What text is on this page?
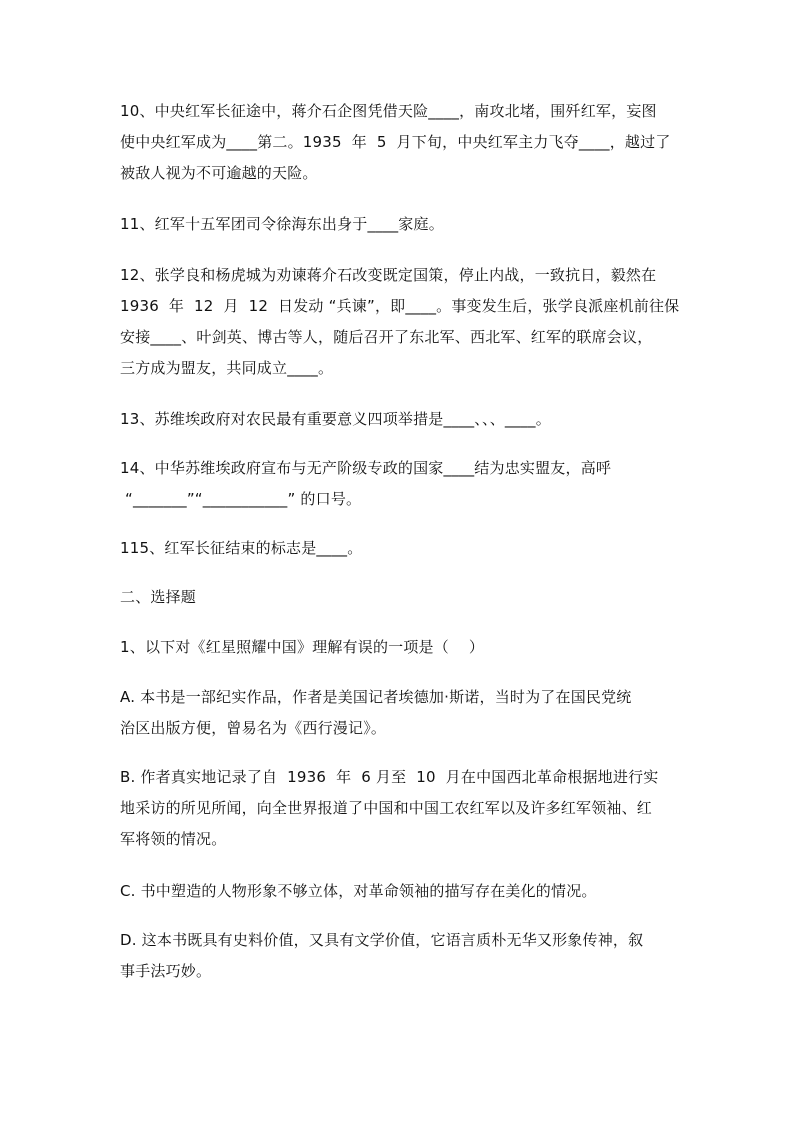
10、中央红军长征途中，蒋介石企图凭借天险____，南攻北堵，围歼红军，妄图
使中央红军成为____第二。1935  年  5  月下旬，中央红军主力飞夺____，越过了
被敌人视为不可逾越的天险。
11、红军十五军团司令徐海东出身于____家庭。
12、张学良和杨虎城为劝谏蒋介石改变既定国策，停止内战，一致抗日，毅然在
1936  年  12  月  12  日发动 “兵谏”，即____。事变发生后，张学良派座机前往保
安接____、叶剑英、博古等人，随后召开了东北军、西北军、红军的联席会议，
三方成为盟友，共同成立____。
13、苏维埃政府对农民最有重要意义四项举措是____、、、____。
14、中华苏维埃政府宣布与无产阶级专政的国家____结为忠实盟友，高呼
“_______”“___________” 的口号。
115、红军长征结束的标志是____。
二、选择题
1、以下对《红星照耀中国》理解有误的一项是（    ）
A. 本书是一部纪实作品，作者是美国记者埃德加·斯诺，当时为了在国民党统
治区出版方便，曾易名为《西行漫记》。
B. 作者真实地记录了自  1936  年  6 月至  10  月在中国西北革命根据地进行实
地采访的所见所闻，向全世界报道了中国和中国工农红军以及许多红军领袖、红
军将领的情况。
C. 书中塑造的人物形象不够立体，对革命领袖的描写存在美化的情况。
D. 这本书既具有史料价值，又具有文学价值，它语言质朴无华又形象传神，叙
事手法巧妙。
